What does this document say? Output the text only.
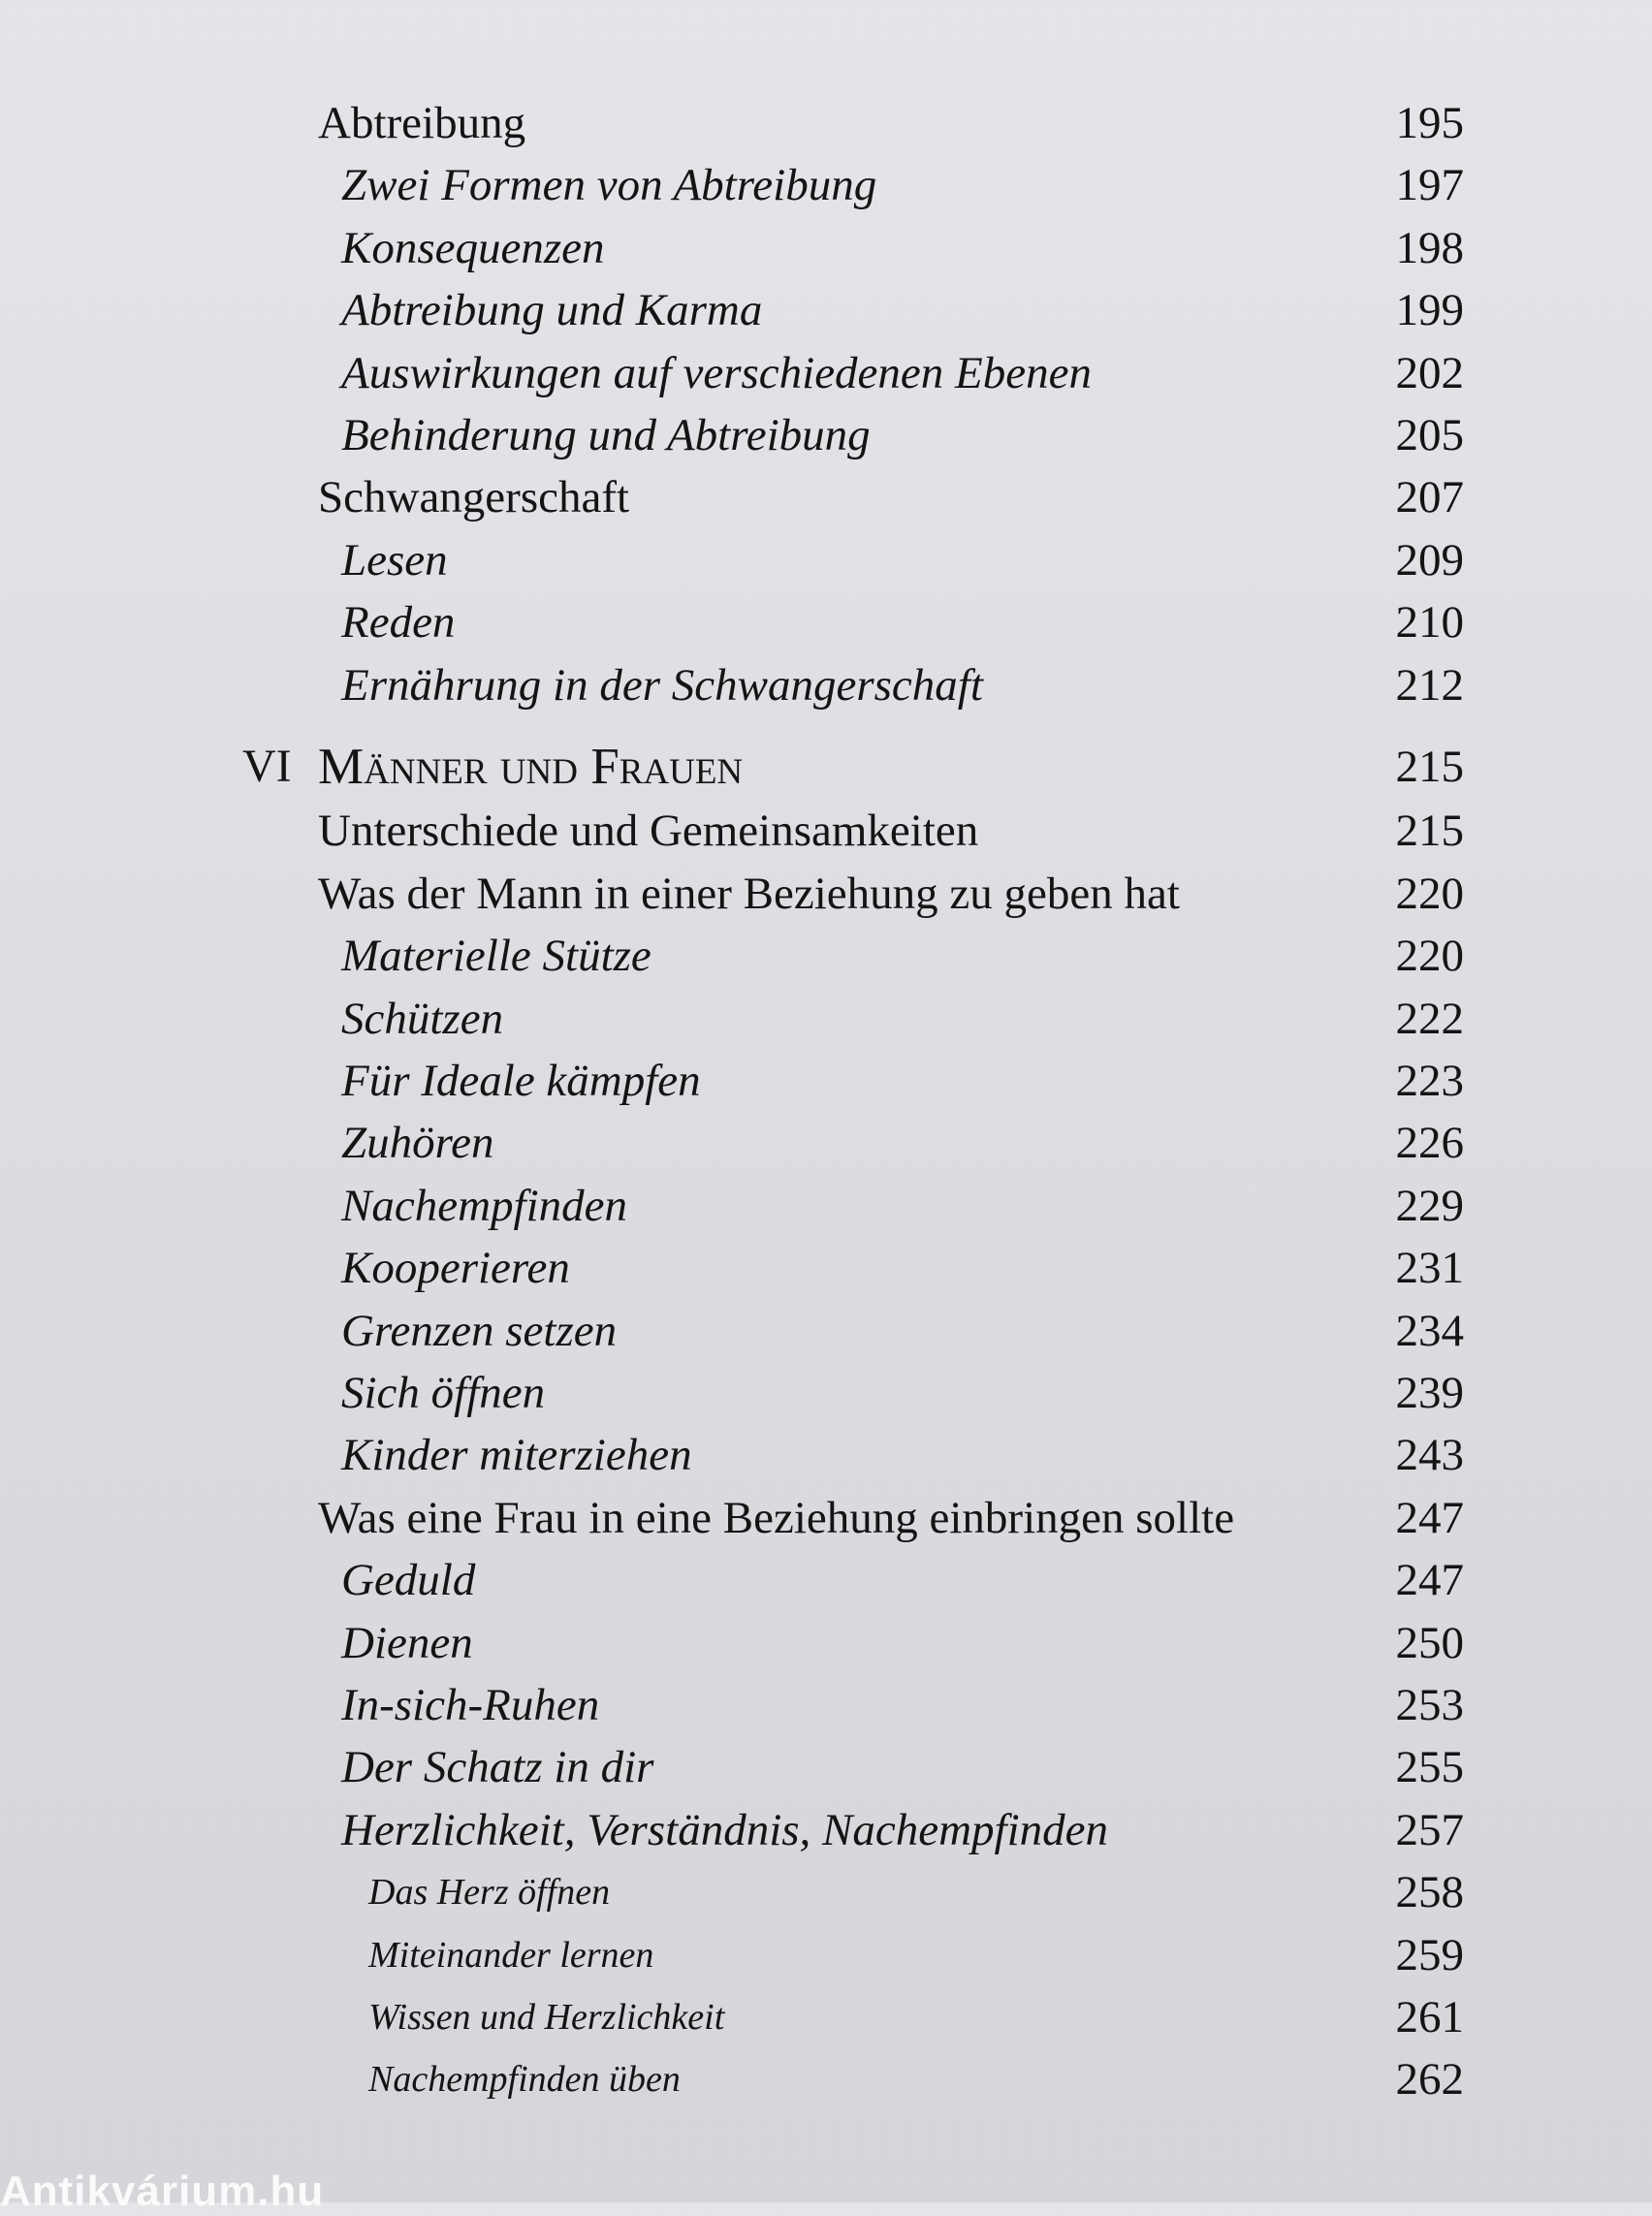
Abtreibung	195
Zwei Formen von Abtreibung	197
Konsequenzen	198
Abtreibung und Karma	199
Auswirkungen auf verschiedenen Ebenen	202
Behinderung und Abtreibung	205
Schwangerschaft	207
Lesen	209
Reden	210
Ernährung in der Schwangerschaft	212
VI Männer und Frauen	215
Unterschiede und Gemeinsamkeiten	215
Was der Mann in einer Beziehung zu geben hat	220
Materielle Stütze	220
Schützen	222
Für Ideale kämpfen	223
Zuhören	226
Nachempfinden	229
Kooperieren	231
Grenzen setzen	234
Sich öffnen	239
Kinder miterziehen	243
Was eine Frau in eine Beziehung einbringen sollte	247
Geduld	247
Dienen	250
In-sich-Ruhen	253
Der Schatz in dir	255
Herzlichkeit, Verständnis, Nachempfinden	257
Das Herz öffnen	258
Miteinander lernen	259
Wissen und Herzlichkeit	261
Nachempfinden üben	262
Antikvárium.hu
